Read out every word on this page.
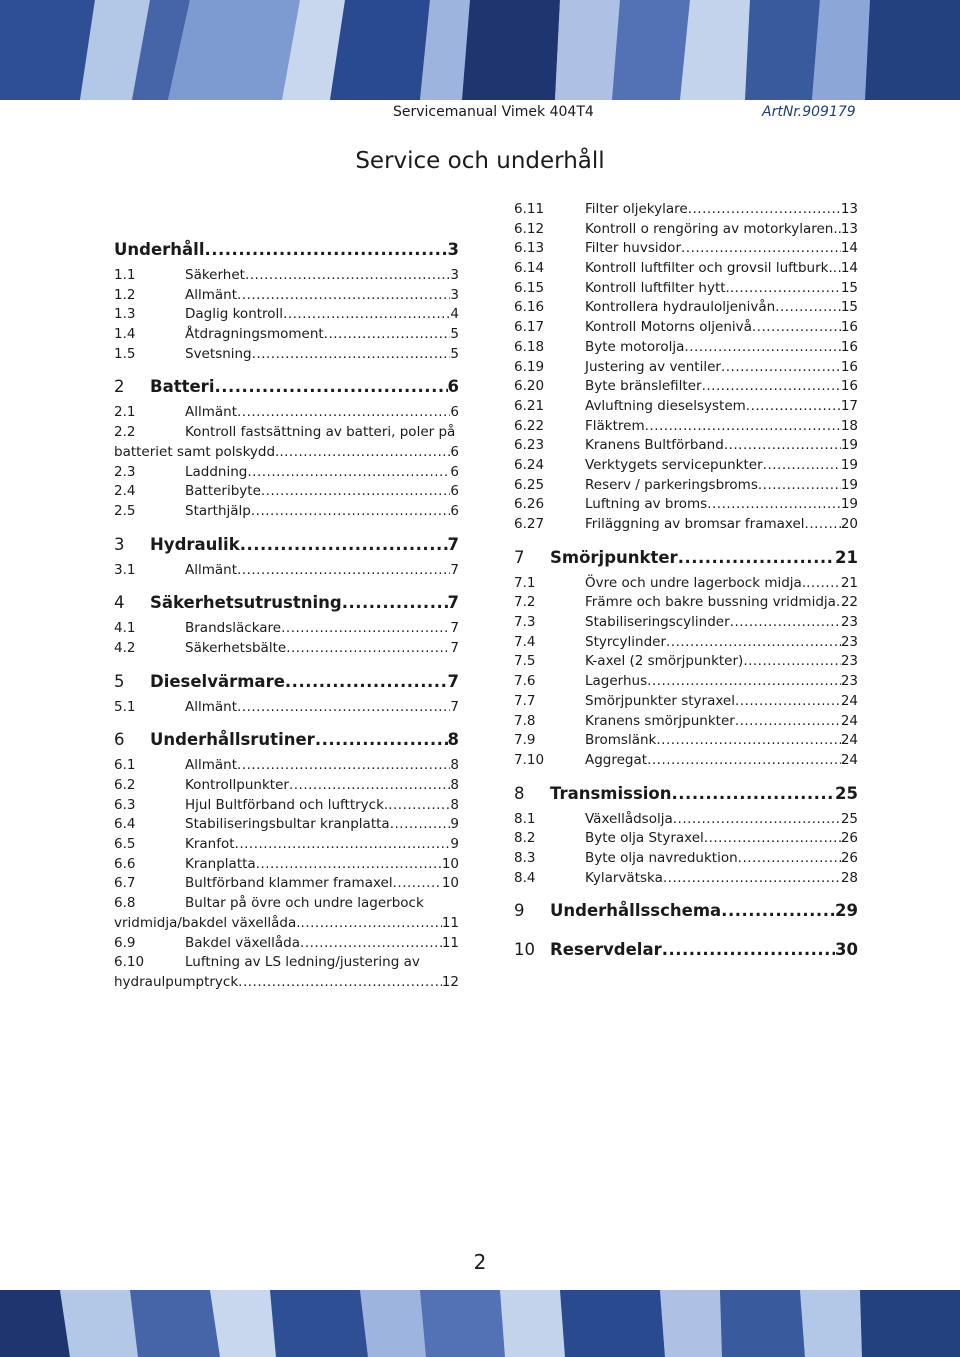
Servicemanual Vimek 404T4	ArtNr.909179
Service och underhåll
Underhåll .....	3
1.1	Säkerhet .....	3
1.2	Allmänt .....	3
1.3	Daglig kontroll .....	4
1.4	Åtdragningsmoment .....	5
1.5	Svetsning .....	5
2 Batteri .....	6
2.1	Allmänt .....	6
2.2	Kontroll fastsättning av batteri, poler på
batteriet samt polskydd. .....	6
2.3	Laddning .....	6
2.4	Batteribyte .....	6
2.5	Starthjälp .....	6
3 Hydraulik .....	7
3.1	Allmänt .....	7
4 Säkerhetsutrustning .....	7
4.1	Brandsläckare .....	7
4.2	Säkerhetsbälte .....	7
5 Dieselvärmare .....	7
5.1	Allmänt .....	7
6 Underhållsrutiner .....	8
6.1	Allmänt .....	8
6.2	Kontrollpunkter .....	8
6.3	Hjul Bultförband och lufttryck. .....	8
6.4	Stabiliseringsbultar kranplatta .....	9
6.5	Kranfot .....	9
6.6	Kranplatta .....	10
6.7	Bultförband klammer framaxel .....	10
6.8	Bultar på övre och undre lagerbock
vridmidja/bakdel växellåda. .....	11
6.9	Bakdel växellåda .....	11
6.10	Luftning av LS ledning/justering av
hydraulpumptryck .....	12
6.11	Filter oljekylare .....	13
6.12	Kontroll o rengöring av motorkylaren. ..... 13
6.13	Filter huvsidor .....	14
6.14	Kontroll luftfilter och grovsil luftburk. ..... 14
6.15	Kontroll luftfilter hytt. .....	15
6.16	Kontrollera hydrauloljenivån .....	15
6.17	Kontroll Motorns oljenivå .....	16
6.18	Byte motorolja .....	16
6.19	Justering av ventiler .....	16
6.20	Byte bränslefilter .....	16
6.21	Avluftning dieselsystem .....	17
6.22	Fläktrem .....	18
6.23	Kranens Bultförband .....	19
6.24	Verktygets servicepunkter .....	19
6.25	Reserv / parkeringsbroms .....	19
6.26	Luftning av broms .....	19
6.27	Friläggning av bromsar framaxel .....	20
7 Smörjpunkter .....	21
7.1	Övre och undre lagerbock midja. .....	21
7.2	Främre och bakre bussning vridmidja. ..... 22
7.3	Stabiliseringscylinder .....	23
7.4	Styrcylinder .....	23
7.5	K-axel (2 smörjpunkter) .....	23
7.6	Lagerhus .....	23
7.7	Smörjpunkter styraxel .....	24
7.8	Kranens smörjpunkter .....	24
7.9	Bromslänk .....	24
7.10	Aggregat .....	24
8 Transmission .....	25
8.1	Växellådsolja .....	25
8.2	Byte olja Styraxel .....	26
8.3	Byte olja navreduktion .....	26
8.4	Kylarvätska .....	28
9 Underhållsschema .....	29
10 Reservdelar .....	30
2
